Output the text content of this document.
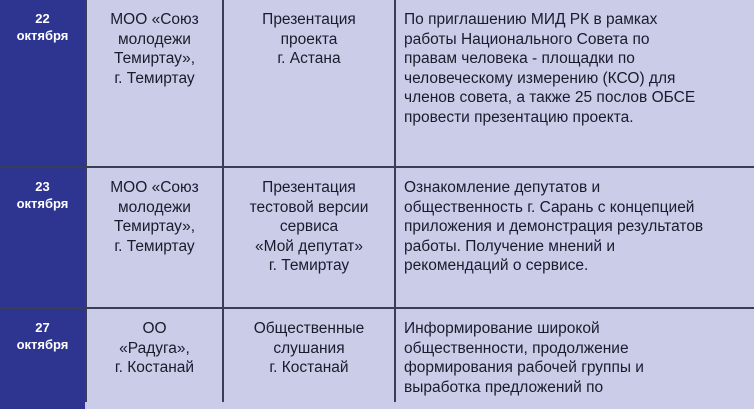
22
октября
МОО «Союз
молодежи
Темиртау»,
г. Темиртау
Презентация
проекта
г. Астана
По приглашению МИД РК в рамках
работы Национального Совета по
правам человека - площадки по
человеческому измерению (КСО) для
членов совета, а также 25 послов ОБСЕ
провести презентацию проекта.
23
октября
МОО «Союз
молодежи
Темиртау»,
г. Темиртау
Презентация
тестовой версии
сервиса
«Мой депутат»
г. Темиртау
Ознакомление депутатов и
общественность г. Сарань с концепцией
приложения и демонстрация результатов
работы. Получение мнений и
рекомендаций о сервисе.
27
октября
ОО
«Радуга»,
г. Костанай
Общественные
слушания
г. Костанай
Информирование широкой
общественности, продолжение
формирования рабочей группы и
выработка предложений по
